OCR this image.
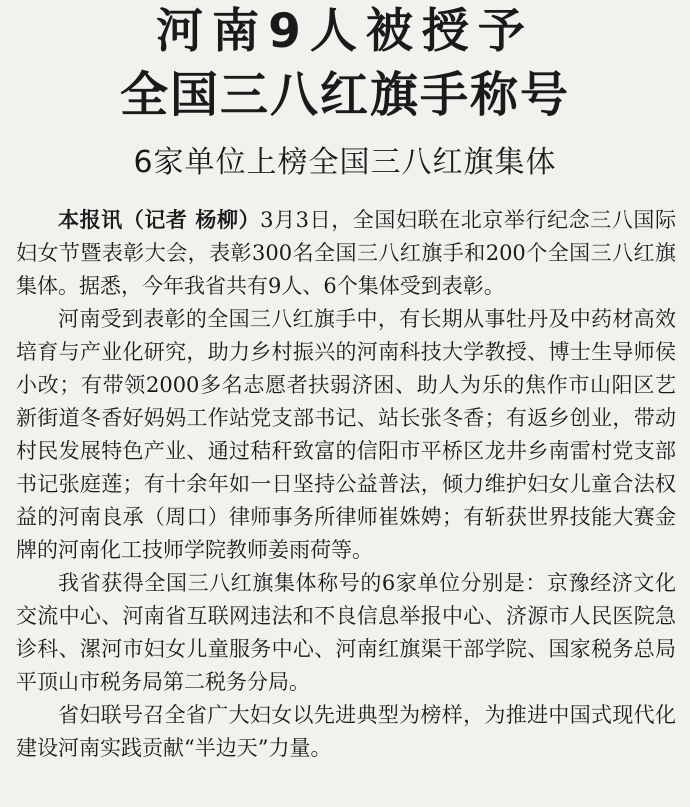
河南9人被授予
全国三八红旗手称号
6家单位上榜全国三八红旗集体

本报讯（记者 杨柳）3月3日，全国妇联在北京举行纪念三八国际妇女节暨表彰大会，表彰300名全国三八红旗手和200个全国三八红旗集体。据悉，今年我省共有9人、6个集体受到表彰。

河南受到表彰的全国三八红旗手中，有长期从事牡丹及中药材高效培育与产业化研究，助力乡村振兴的河南科技大学教授、博士生导师侯小改；有带领2000多名志愿者扶弱济困、助人为乐的焦作市山阳区艺新街道冬香好妈妈工作站党支部书记、站长张冬香；有返乡创业，带动村民发展特色产业、通过秸秆致富的信阳市平桥区龙井乡南雷村党支部书记张庭莲；有十余年如一日坚持公益普法，倾力维护妇女儿童合法权益的河南良承（周口）律师事务所律师崔姝娉；有斩获世界技能大赛金牌的河南化工技师学院教师姜雨荷等。

我省获得全国三八红旗集体称号的6家单位分别是：京豫经济文化交流中心、河南省互联网违法和不良信息举报中心、济源市人民医院急诊科、漯河市妇女儿童服务中心、河南红旗渠干部学院、国家税务总局平顶山市税务局第二税务分局。

省妇联号召全省广大妇女以先进典型为榜样，为推进中国式现代化建设河南实践贡献“半边天”力量。
